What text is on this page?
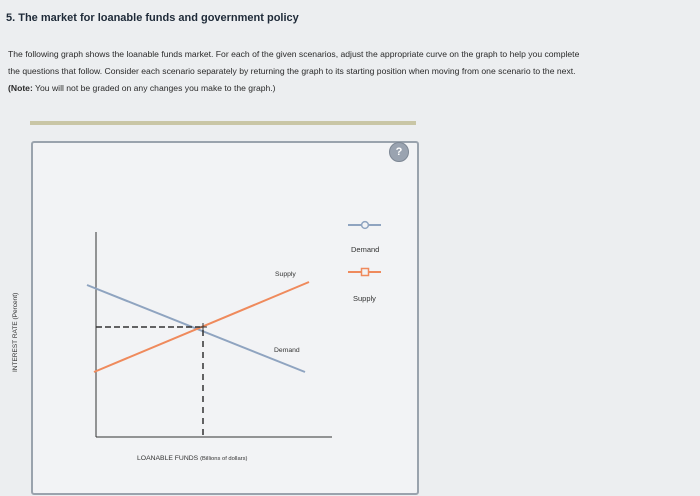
5. The market for loanable funds and government policy
The following graph shows the loanable funds market. For each of the given scenarios, adjust the appropriate curve on the graph to help you complete
the questions that follow. Consider each scenario separately by returning the graph to its starting position when moving from one scenario to the next.

(Note: You will not be graded on any changes you make to the graph.)
?
INTEREST RATE (Percent)
LOANABLE FUNDS (Billions of dollars)
Supply
Demand
Demand
Supply
